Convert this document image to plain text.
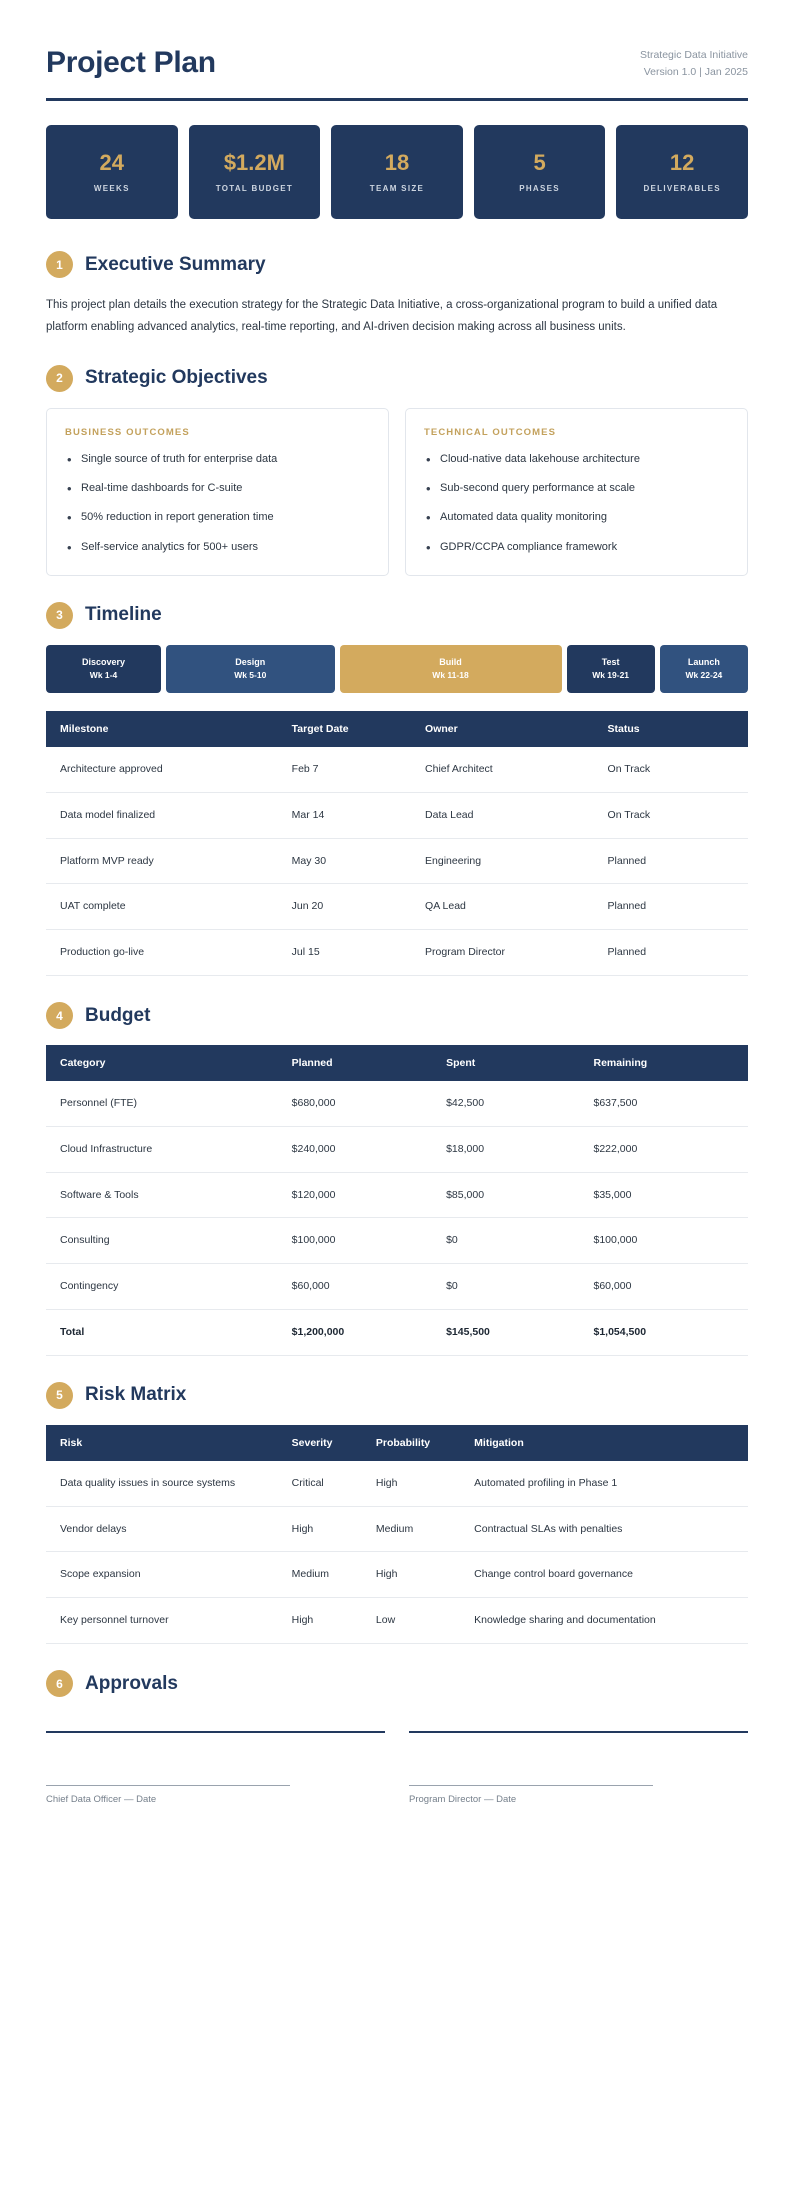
Project Plan	Strategic Data Initiative
Version 1.0 | Jan 2025
24
WEEKS
$1.2M
TOTAL BUDGET
18
TEAM SIZE
5
PHASES
12
DELIVERABLES
1	Executive Summary
This project plan details the execution strategy for the Strategic Data Initiative, a cross-organizational program to build a unified data platform enabling advanced analytics, real-time reporting, and AI-driven decision making across all business units.
2	Strategic Objectives
BUSINESS OUTCOMES
• Single source of truth for enterprise data
• Real-time dashboards for C-suite
• 50% reduction in report generation time
• Self-service analytics for 500+ users
TECHNICAL OUTCOMES
• Cloud-native data lakehouse architecture
• Sub-second query performance at scale
• Automated data quality monitoring
• GDPR/CCPA compliance framework
3	Timeline
Discovery
Wk 1-4
Design
Wk 5-10
Build
Wk 11-18
Test
Wk 19-21
Launch
Wk 22-24
Milestone	Target Date	Owner	Status
Architecture approved	Feb 7	Chief Architect	On Track
Data model finalized	Mar 14	Data Lead	On Track
Platform MVP ready	May 30	Engineering	Planned
UAT complete	Jun 20	QA Lead	Planned
Production go-live	Jul 15	Program Director	Planned
4	Budget
Category	Planned	Spent	Remaining
Personnel (FTE)	$680,000	$42,500	$637,500
Cloud Infrastructure	$240,000	$18,000	$222,000
Software & Tools	$120,000	$85,000	$35,000
Consulting	$100,000	$0	$100,000
Contingency	$60,000	$0	$60,000
Total	$1,200,000	$145,500	$1,054,500
5	Risk Matrix
Risk	Severity	Probability	Mitigation
Data quality issues in source systems	Critical	High	Automated profiling in Phase 1
Vendor delays	High	Medium	Contractual SLAs with penalties
Scope expansion	Medium	High	Change control board governance
Key personnel turnover	High	Low	Knowledge sharing and documentation
6	Approvals
Chief Data Officer — Date	Program Director — Date
